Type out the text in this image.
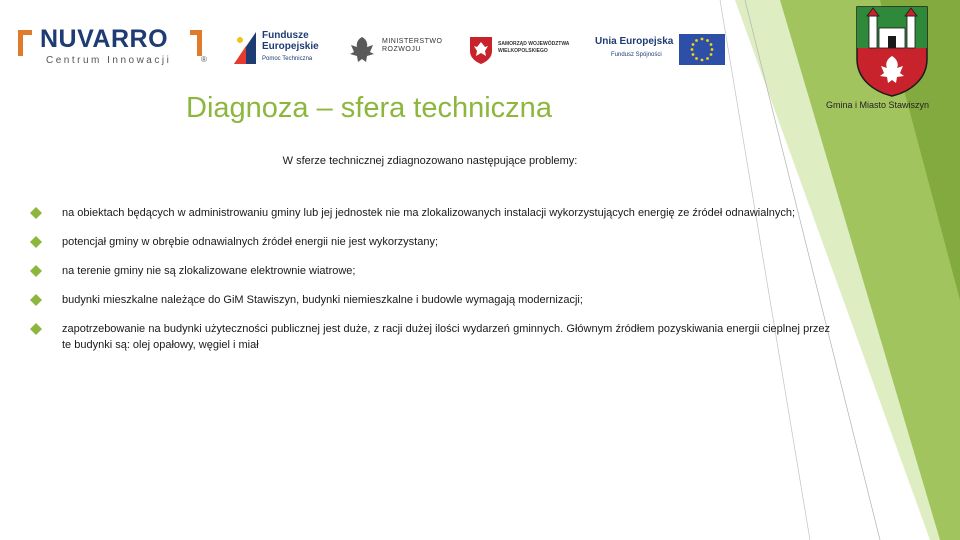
NUVARRO
Centrum Innowacji	®
Fundusze Europejskie
Pomoc Techniczna
MINISTERSTWO ROZWOJU
SAMORZĄD WOJEWÓDZTWA WIELKOPOLSKIEGO
Unia Europejska
Fundusz Spójności
Gmina i Miasto Stawiszyn
Diagnoza – sfera techniczna
W sferze technicznej zdiagnozowano następujące problemy:
na obiektach będących w administrowaniu gminy lub jej jednostek nie ma zlokalizowanych instalacji wykorzystujących energię ze źródeł odnawialnych;
potencjał gminy w obrębie odnawialnych źródeł energii nie jest wykorzystany;
na terenie gminy nie są zlokalizowane elektrownie wiatrowe;
budynki mieszkalne należące do GiM Stawiszyn, budynki niemieszkalne i budowle wymagają modernizacji;
zapotrzebowanie na budynki użyteczności publicznej jest duże, z racji dużej ilości wydarzeń gminnych. Głównym źródłem pozyskiwania energii cieplnej przez te budynki są: olej opałowy, węgiel i miał
